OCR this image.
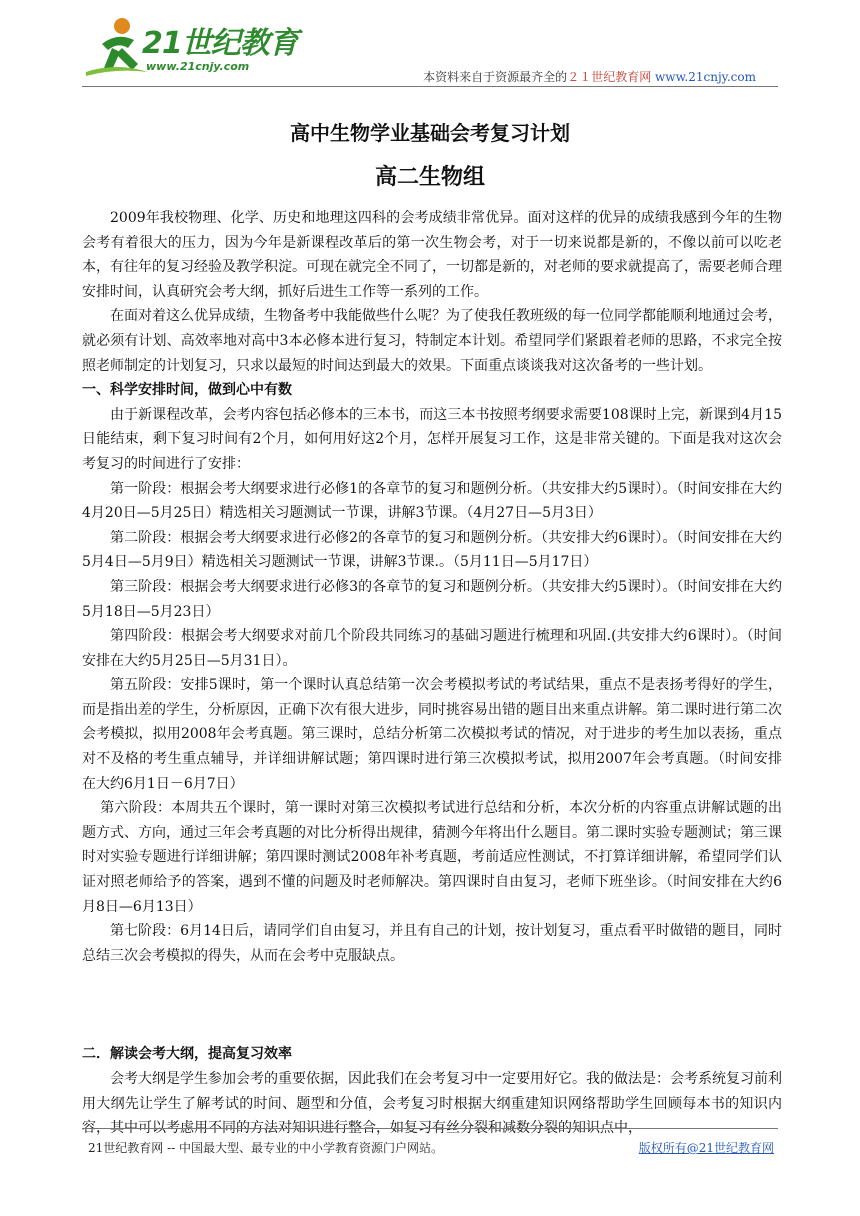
21世纪教育
www.21cnjy.com
本资料来自于资源最齐全的２１世纪教育网 www.21cnjy.com
高中生物学业基础会考复习计划
高二生物组

2009年我校物理、化学、历史和地理这四科的会考成绩非常优异。面对这样的优异的成绩我感到今年的生物会考有着很大的压力，因为今年是新课程改革后的第一次生物会考，对于一切来说都是新的，不像以前可以吃老本，有往年的复习经验及教学积淀。可现在就完全不同了，一切都是新的，对老师的要求就提高了，需要老师合理安排时间，认真研究会考大纲，抓好后进生工作等一系列的工作。

在面对着这么优异成绩，生物备考中我能做些什么呢？为了使我任教班级的每一位同学都能顺利地通过会考，就必须有计划、高效率地对高中3本必修本进行复习，特制定本计划。希望同学们紧跟着老师的思路，不求完全按照老师制定的计划复习，只求以最短的时间达到最大的效果。下面重点谈谈我对这次备考的一些计划。

一、科学安排时间，做到心中有数

由于新课程改革，会考内容包括必修本的三本书，而这三本书按照考纲要求需要108课时上完，新课到4月15日能结束，剩下复习时间有2个月，如何用好这2个月，怎样开展复习工作，这是非常关键的。下面是我对这次会考复习的时间进行了安排：

第一阶段：根据会考大纲要求进行必修1的各章节的复习和题例分析。（共安排大约5课时）。（时间安排在大约4月20日—5月25日）精选相关习题测试一节课，讲解3节课。（4月27日—5月3日）

第二阶段：根据会考大纲要求进行必修2的各章节的复习和题例分析。（共安排大约6课时）。（时间安排在大约5月4日—5月9日）精选相关习题测试一节课，讲解3节课.。（5月11日—5月17日）

第三阶段：根据会考大纲要求进行必修3的各章节的复习和题例分析。（共安排大约5课时）。（时间安排在大约5月18日—5月23日）

第四阶段：根据会考大纲要求对前几个阶段共同练习的基础习题进行梳理和巩固.(共安排大约6课时）。（时间安排在大约5月25日—5月31日）。

第五阶段：安排5课时，第一个课时认真总结第一次会考模拟考试的考试结果，重点不是表扬考得好的学生，而是指出差的学生，分析原因，正确下次有很大进步，同时挑容易出错的题目出来重点讲解。第二课时进行第二次会考模拟，拟用2008年会考真题。第三课时，总结分析第二次模拟考试的情况，对于进步的考生加以表扬，重点对不及格的考生重点辅导，并详细讲解试题；第四课时进行第三次模拟考试，拟用2007年会考真题。（时间安排在大约6月1日－6月7日）

第六阶段：本周共五个课时，第一课时对第三次模拟考试进行总结和分析，本次分析的内容重点讲解试题的出题方式、方向，通过三年会考真题的对比分析得出规律，猜测今年将出什么题目。第二课时实验专题测试；第三课时对实验专题进行详细讲解；第四课时测试2008年补考真题，考前适应性测试，不打算详细讲解，希望同学们认证对照老师给予的答案，遇到不懂的问题及时老师解决。第四课时自由复习，老师下班坐诊。（时间安排在大约6月8日—6月13日）

第七阶段：6月14日后，请同学们自由复习，并且有自己的计划，按计划复习，重点看平时做错的题目，同时总结三次会考模拟的得失，从而在会考中克服缺点。

二．解读会考大纲，提高复习效率

会考大纲是学生参加会考的重要依据，因此我们在会考复习中一定要用好它。我的做法是：会考系统复习前利用大纲先让学生了解考试的时间、题型和分值，会考复习时根据大纲重建知识网络帮助学生回顾每本书的知识内容，其中可以考虑用不同的方法对知识进行整合，如复习有丝分裂和减数分裂的知识点中，

21世纪教育网 -- 中国最大型、最专业的中小学教育资源门户网站。	版权所有@21世纪教育网
